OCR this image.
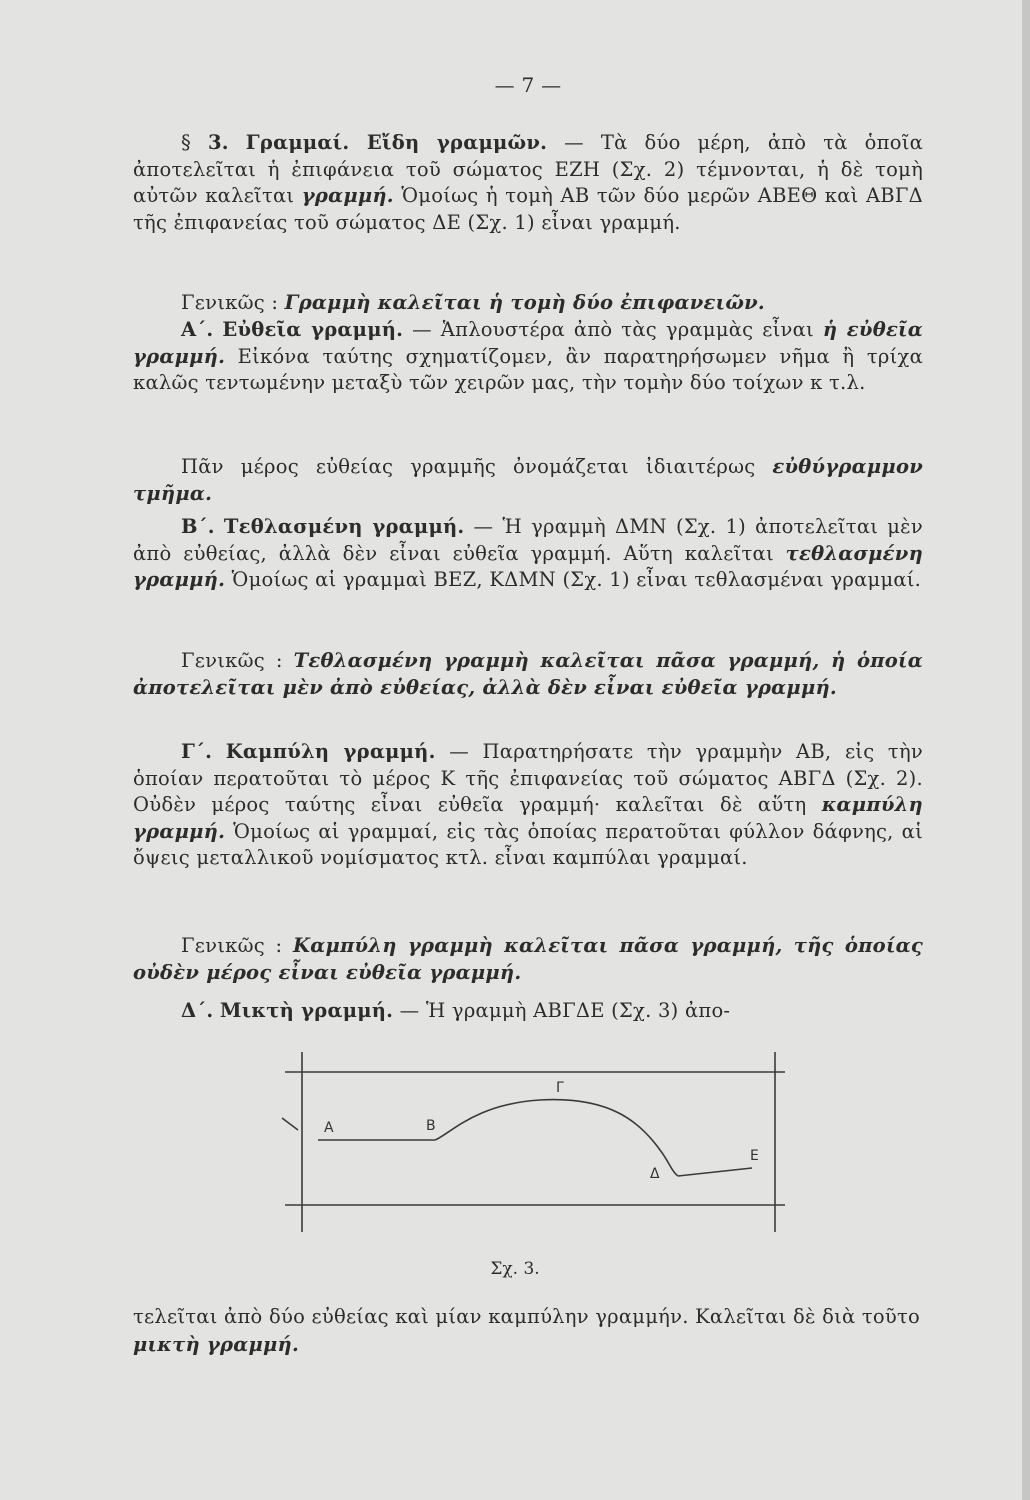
— 7 —
§ 3. Γραμμαί. Εἴδη γραμμῶν. — Τὰ δύο μέρη, ἀπὸ τὰ ὁποῖα ἀποτελεῖται ἡ ἐπιφάνεια τοῦ σώματος ΕΖΗ (Σχ. 2) τέμνονται, ἡ δὲ τομὴ αὐτῶν καλεῖται γραμμή. Ὁμοίως ἡ τομὴ ΑΒ τῶν δύο μερῶν ΑΒΕΘ καὶ ΑΒΓΔ τῆς ἐπιφανείας τοῦ σώματος ΔΕ (Σχ. 1) εἶναι γραμμή.
Γενικῶς : Γραμμὴ καλεῖται ἡ τομὴ δύο ἐπιφανειῶν.
Α΄. Εὐθεῖα γραμμή. — Ἁπλουστέρα ἀπὸ τὰς γραμμὰς εἶναι ἡ εὐθεῖα γραμμή. Εἰκόνα ταύτης σχηματίζομεν, ἂν παρατηρήσωμεν νῆμα ἢ τρίχα καλῶς τεντωμένην μεταξὺ τῶν χειρῶν μας, τὴν τομὴν δύο τοίχων κ τ.λ.
Πᾶν μέρος εὐθείας γραμμῆς ὀνομάζεται ἰδιαιτέρως εὐθύγραμμον τμῆμα.
Β΄. Τεθλασμένη γραμμή. — Ἡ γραμμὴ ΔΜΝ (Σχ. 1) ἀποτελεῖται μὲν ἀπὸ εὐθείας, ἀλλὰ δὲν εἶναι εὐθεῖα γραμμή. Αὕτη καλεῖται τεθλασμένη γραμμή. Ὁμοίως αἱ γραμμαὶ ΒΕΖ, ΚΔΜΝ (Σχ. 1) εἶναι τεθλασμέναι γραμμαί.
Γενικῶς : Τεθλασμένη γραμμὴ καλεῖται πᾶσα γραμμή, ἡ ὁποία ἀποτελεῖται μὲν ἀπὸ εὐθείας, ἀλλὰ δὲν εἶναι εὐθεῖα γραμμή.
Γ΄. Καμπύλη γραμμή. — Παρατηρήσατε τὴν γραμμὴν ΑΒ, εἰς τὴν ὁποίαν περατοῦται τὸ μέρος Κ τῆς ἐπιφανείας τοῦ σώματος ΑΒΓΔ (Σχ. 2). Οὐδὲν μέρος ταύτης εἶναι εὐθεῖα γραμμή· καλεῖται δὲ αὕτη καμπύλη γραμμή. Ὁμοίως αἱ γραμμαί, εἰς τὰς ὁποίας περατοῦται φύλλον δάφνης, αἱ ὄψεις μεταλλικοῦ νομίσματος κτλ. εἶναι καμπύλαι γραμμαί.
Γενικῶς : Καμπύλη γραμμὴ καλεῖται πᾶσα γραμμή, τῆς ὁποίας οὐδὲν μέρος εἶναι εὐθεῖα γραμμή.
Δ΄. Μικτὴ γραμμή. — Ἡ γραμμὴ ΑΒΓΔΕ (Σχ. 3) ἀπο-
Α	Β
Γ
Δ
Ε
Σχ. 3.
τελεῖται ἀπὸ δύο εὐθείας καὶ μίαν καμπύλην γραμμήν. Καλεῖται δὲ διὰ τοῦτο μικτὴ γραμμή.
